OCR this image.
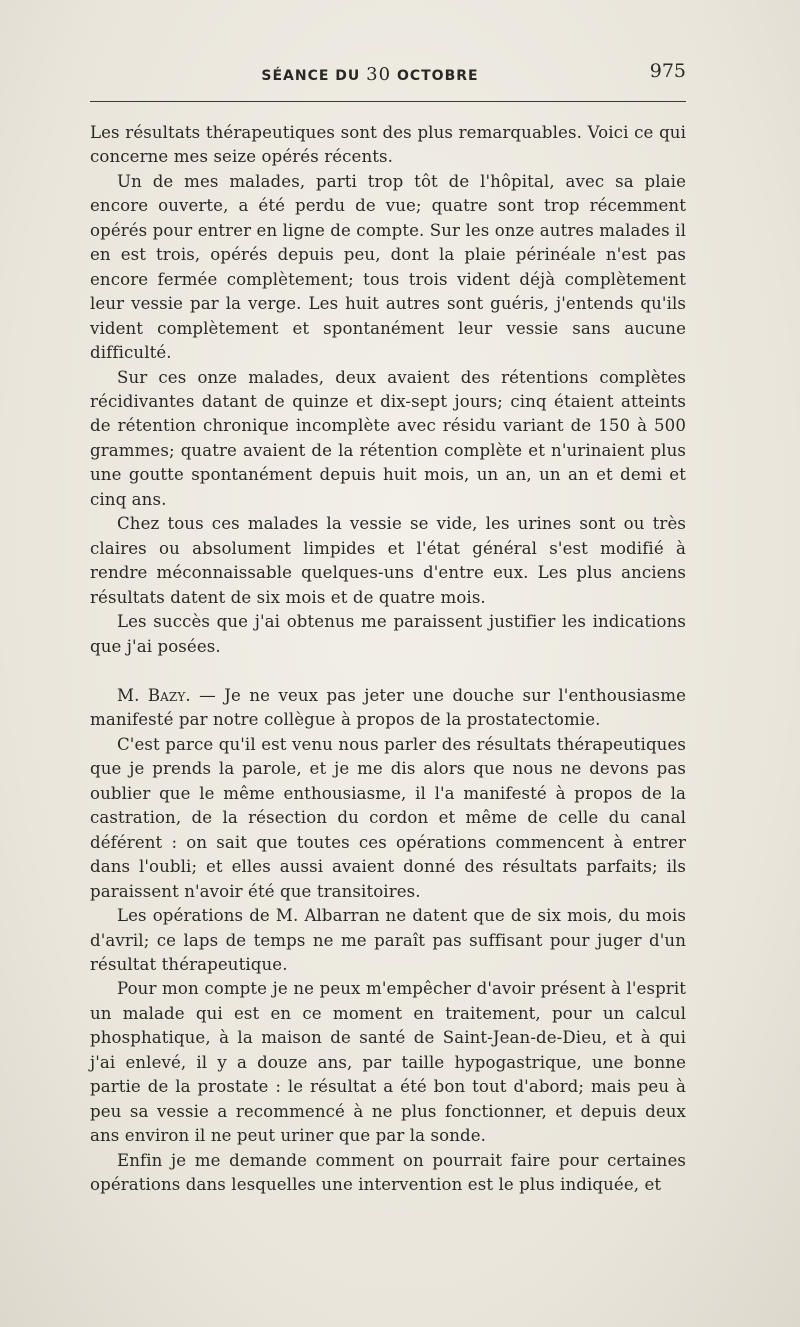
SÉANCE DU 30 OCTOBRE	975

Les résultats thérapeutiques sont des plus remarquables. Voici ce qui concerne mes seize opérés récents.

Un de mes malades, parti trop tôt de l'hôpital, avec sa plaie encore ouverte, a été perdu de vue; quatre sont trop récemment opérés pour entrer en ligne de compte. Sur les onze autres malades il en est trois, opérés depuis peu, dont la plaie périnéale n'est pas encore fermée complètement; tous trois vident déjà complètement leur vessie par la verge. Les huit autres sont guéris, j'entends qu'ils vident complètement et spontanément leur vessie sans aucune difficulté.

Sur ces onze malades, deux avaient des rétentions complètes récidivantes datant de quinze et dix-sept jours; cinq étaient atteints de rétention chronique incomplète avec résidu variant de 150 à 500 grammes; quatre avaient de la rétention complète et n'urinaient plus une goutte spontanément depuis huit mois, un an, un an et demi et cinq ans.

Chez tous ces malades la vessie se vide, les urines sont ou très claires ou absolument limpides et l'état général s'est modifié à rendre méconnaissable quelques-uns d'entre eux. Les plus anciens résultats datent de six mois et de quatre mois.

Les succès que j'ai obtenus me paraissent justifier les indications que j'ai posées.

M. Bazy. — Je ne veux pas jeter une douche sur l'enthousiasme manifesté par notre collègue à propos de la prostatectomie.

C'est parce qu'il est venu nous parler des résultats thérapeutiques que je prends la parole, et je me dis alors que nous ne devons pas oublier que le même enthousiasme, il l'a manifesté à propos de la castration, de la résection du cordon et même de celle du canal déférent : on sait que toutes ces opérations commencent à entrer dans l'oubli; et elles aussi avaient donné des résultats parfaits; ils paraissent n'avoir été que transitoires.

Les opérations de M. Albarran ne datent que de six mois, du mois d'avril; ce laps de temps ne me paraît pas suffisant pour juger d'un résultat thérapeutique.

Pour mon compte je ne peux m'empêcher d'avoir présent à l'esprit un malade qui est en ce moment en traitement, pour un calcul phosphatique, à la maison de santé de Saint-Jean-de-Dieu, et à qui j'ai enlevé, il y a douze ans, par taille hypogastrique, une bonne partie de la prostate : le résultat a été bon tout d'abord; mais peu à peu sa vessie a recommencé à ne plus fonctionner, et depuis deux ans environ il ne peut uriner que par la sonde.

Enfin je me demande comment on pourrait faire pour certaines opérations dans lesquelles une intervention est le plus indiquée, et
